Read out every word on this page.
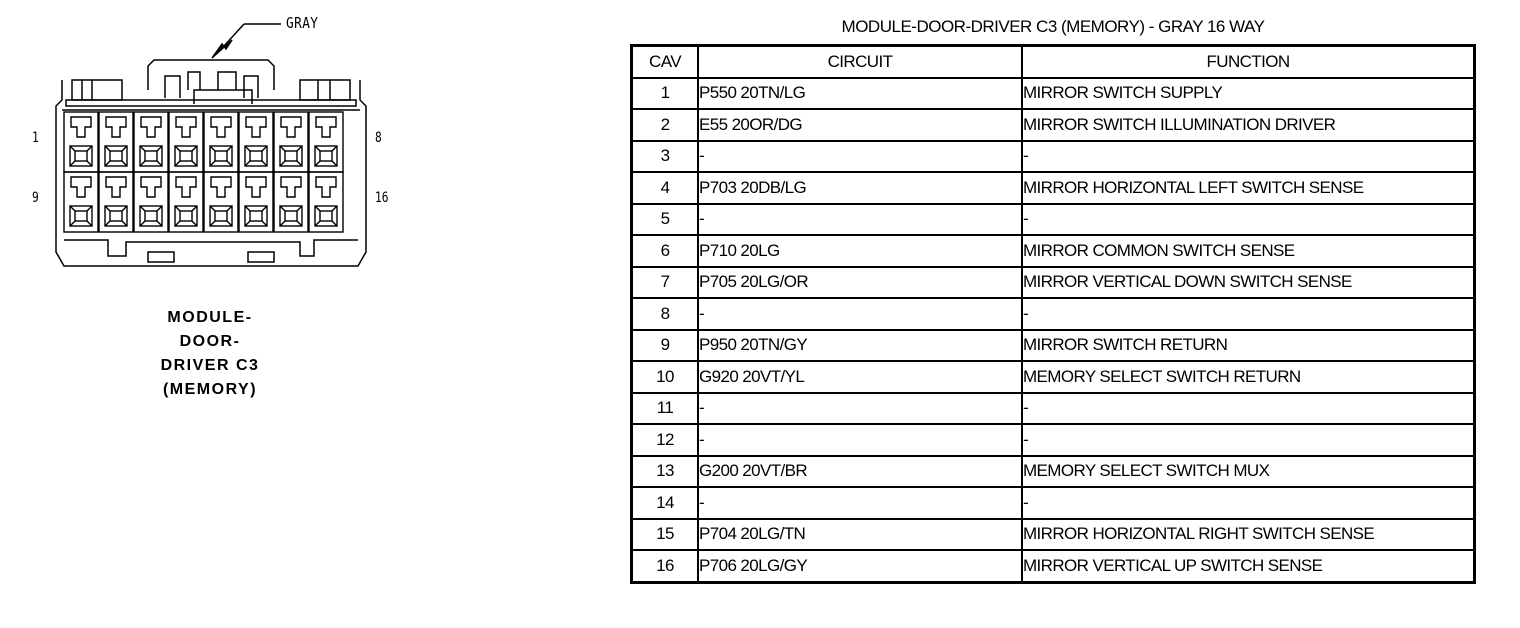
GRAY
1	8
9	16
MODULE-
DOOR-
DRIVER C3
(MEMORY)
MODULE-DOOR-DRIVER C3 (MEMORY) - GRAY 16 WAY
CAV	CIRCUIT	FUNCTION
1	P550 20TN/LG	MIRROR SWITCH SUPPLY
2	E55 20OR/DG	MIRROR SWITCH ILLUMINATION DRIVER
3	-	-
4	P703 20DB/LG	MIRROR HORIZONTAL LEFT SWITCH SENSE
5	-	-
6	P710 20LG	MIRROR COMMON SWITCH SENSE
7	P705 20LG/OR	MIRROR VERTICAL DOWN SWITCH SENSE
8	-	-
9	P950 20TN/GY	MIRROR SWITCH RETURN
10	G920 20VT/YL	MEMORY SELECT SWITCH RETURN
11	-	-
12	-	-
13	G200 20VT/BR	MEMORY SELECT SWITCH MUX
14	-	-
15	P704 20LG/TN	MIRROR HORIZONTAL RIGHT SWITCH SENSE
16	P706 20LG/GY	MIRROR VERTICAL UP SWITCH SENSE
